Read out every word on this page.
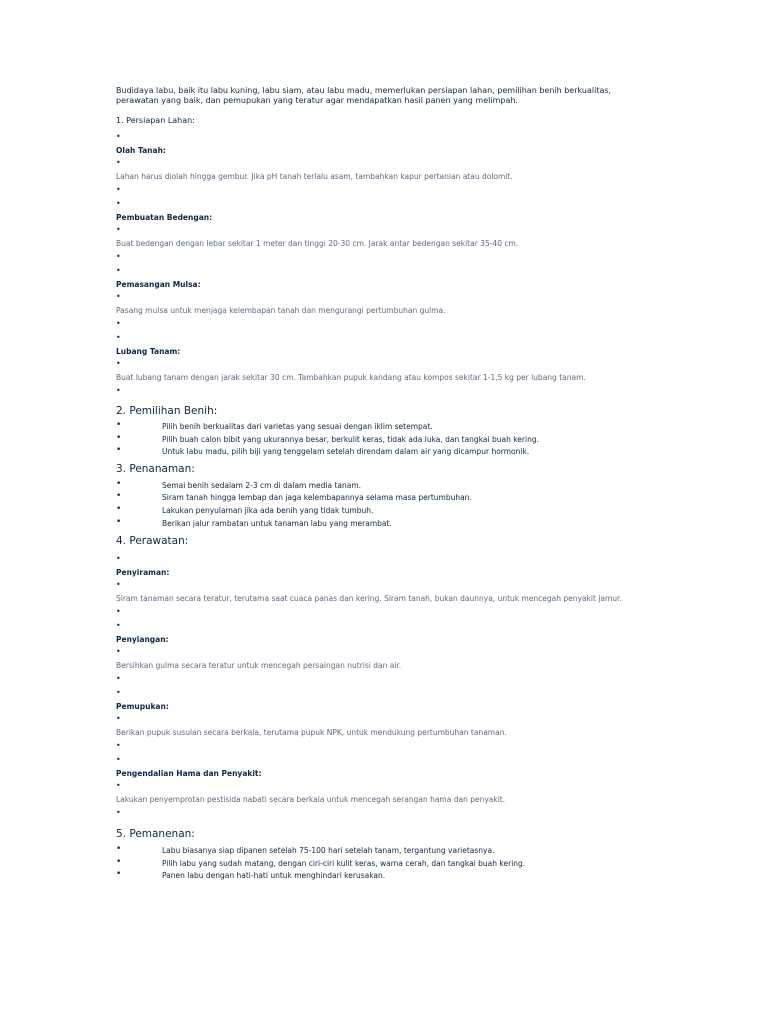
Budidaya labu, baik itu labu kuning, labu siam, atau labu madu, memerlukan persiapan lahan, pemilihan benih berkualitas, perawatan yang baik, dan pemupukan yang teratur agar mendapatkan hasil panen yang melimpah.

1. Persiapan Lahan:
•
Olah Tanah:
•
Lahan harus diolah hingga gembur. Jika pH tanah terlalu asam, tambahkan kapur pertanian atau dolomit.
•
•
Pembuatan Bedengan:
•
Buat bedengan dengan lebar sekitar 1 meter dan tinggi 20-30 cm. Jarak antar bedengan sekitar 35-40 cm.
•
•
Pemasangan Mulsa:
•
Pasang mulsa untuk menjaga kelembapan tanah dan mengurangi pertumbuhan gulma.
•
•
Lubang Tanam:
•
Buat lubang tanam dengan jarak sekitar 30 cm. Tambahkan pupuk kandang atau kompos sekitar 1-1,5 kg per lubang tanam.
•
2. Pemilihan Benih:
•	Pilih benih berkualitas dari varietas yang sesuai dengan iklim setempat.
•	Pilih buah calon bibit yang ukurannya besar, berkulit keras, tidak ada luka, dan tangkai buah kering.
•	Untuk labu madu, pilih biji yang tenggelam setelah direndam dalam air yang dicampur hormonik.
3. Penanaman:
•	Semai benih sedalam 2-3 cm di dalam media tanam.
•	Siram tanah hingga lembap dan jaga kelembapannya selama masa pertumbuhan.
•	Lakukan penyulaman jika ada benih yang tidak tumbuh.
•	Berikan jalur rambatan untuk tanaman labu yang merambat.
4. Perawatan:
•
Penyiraman:
•
Siram tanaman secara teratur, terutama saat cuaca panas dan kering. Siram tanah, bukan daunnya, untuk mencegah penyakit jamur.
•
•
Penyiangan:
•
Bersihkan gulma secara teratur untuk mencegah persaingan nutrisi dan air.
•
•
Pemupukan:
•
Berikan pupuk susulan secara berkala, terutama pupuk NPK, untuk mendukung pertumbuhan tanaman.
•
•
Pengendalian Hama dan Penyakit:
•
Lakukan penyemprotan pestisida nabati secara berkala untuk mencegah serangan hama dan penyakit.
•
5. Pemanenan:
•	Labu biasanya siap dipanen setelah 75-100 hari setelah tanam, tergantung varietasnya.
•	Pilih labu yang sudah matang, dengan ciri-ciri kulit keras, warna cerah, dan tangkai buah kering.
•	Panen labu dengan hati-hati untuk menghindari kerusakan.
